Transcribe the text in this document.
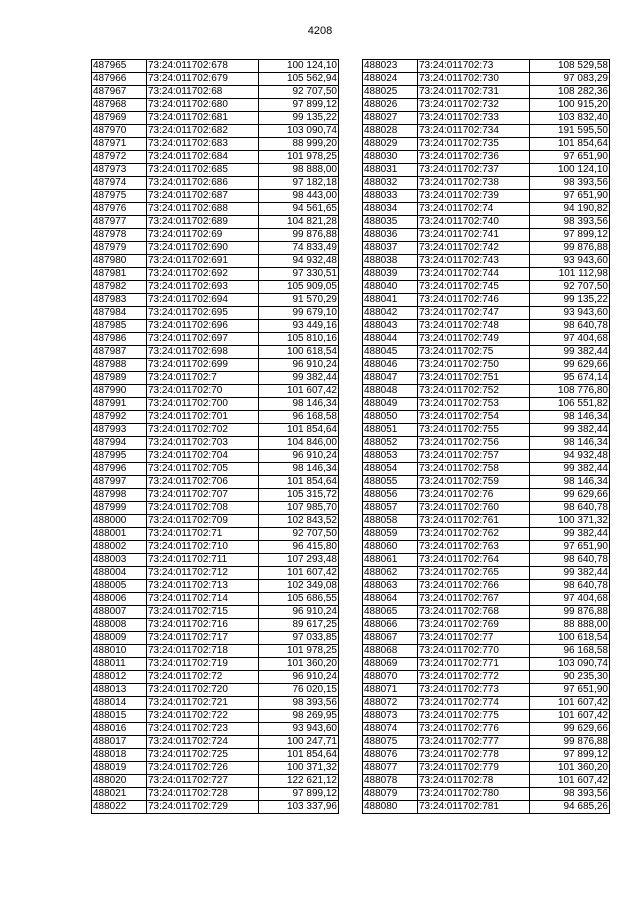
4208
487965	73:24:011702:678	100 124,10
487966	73:24:011702:679	105 562,94
487967	73:24:011702:68	92 707,50
487968	73:24:011702:680	97 899,12
487969	73:24:011702:681	99 135,22
487970	73:24:011702:682	103 090,74
487971	73:24:011702:683	88 999,20
487972	73:24:011702:684	101 978,25
487973	73:24:011702:685	98 888,00
487974	73:24:011702:686	97 182,18
487975	73:24:011702:687	98 443,00
487976	73:24:011702:688	94 561,65
487977	73:24:011702:689	104 821,28
487978	73:24:011702:69	99 876,88
487979	73:24:011702:690	74 833,49
487980	73:24:011702:691	94 932,48
487981	73:24:011702:692	97 330,51
487982	73:24:011702:693	105 909,05
487983	73:24:011702:694	91 570,29
487984	73:24:011702:695	99 679,10
487985	73:24:011702:696	93 449,16
487986	73:24:011702:697	105 810,16
487987	73:24:011702:698	100 618,54
487988	73:24:011702:699	96 910,24
487989	73:24:011702:7	99 382,44
487990	73:24:011702:70	101 607,42
487991	73:24:011702:700	98 146,34
487992	73:24:011702:701	96 168,58
487993	73:24:011702:702	101 854,64
487994	73:24:011702:703	104 846,00
487995	73:24:011702:704	96 910,24
487996	73:24:011702:705	98 146,34
487997	73:24:011702:706	101 854,64
487998	73:24:011702:707	105 315,72
487999	73:24:011702:708	107 985,70
488000	73:24:011702:709	102 843,52
488001	73:24:011702:71	92 707,50
488002	73:24:011702:710	96 415,80
488003	73:24:011702:711	107 293,48
488004	73:24:011702:712	101 607,42
488005	73:24:011702:713	102 349,08
488006	73:24:011702:714	105 686,55
488007	73:24:011702:715	96 910,24
488008	73:24:011702:716	89 617,25
488009	73:24:011702:717	97 033,85
488010	73:24:011702:718	101 978,25
488011	73:24:011702:719	101 360,20
488012	73:24:011702:72	96 910,24
488013	73:24:011702:720	76 020,15
488014	73:24:011702:721	98 393,56
488015	73:24:011702:722	98 269,95
488016	73:24:011702:723	93 943,60
488017	73:24:011702:724	100 247,71
488018	73:24:011702:725	101 854,64
488019	73:24:011702:726	100 371,32
488020	73:24:011702:727	122 621,12
488021	73:24:011702:728	97 899,12
488022	73:24:011702:729	103 337,96
488023	73:24:011702:73	108 529,58
488024	73:24:011702:730	97 083,29
488025	73:24:011702:731	108 282,36
488026	73:24:011702:732	100 915,20
488027	73:24:011702:733	103 832,40
488028	73:24:011702:734	191 595,50
488029	73:24:011702:735	101 854,64
488030	73:24:011702:736	97 651,90
488031	73:24:011702:737	100 124,10
488032	73:24:011702:738	98 393,56
488033	73:24:011702:739	97 651,90
488034	73:24:011702:74	94 190,82
488035	73:24:011702:740	98 393,56
488036	73:24:011702:741	97 899,12
488037	73:24:011702:742	99 876,88
488038	73:24:011702:743	93 943,60
488039	73:24:011702:744	101 112,98
488040	73:24:011702:745	92 707,50
488041	73:24:011702:746	99 135,22
488042	73:24:011702:747	93 943,60
488043	73:24:011702:748	98 640,78
488044	73:24:011702:749	97 404,68
488045	73:24:011702:75	99 382,44
488046	73:24:011702:750	99 629,66
488047	73:24:011702:751	95 674,14
488048	73:24:011702:752	108 776,80
488049	73:24:011702:753	106 551,82
488050	73:24:011702:754	98 146,34
488051	73:24:011702:755	99 382,44
488052	73:24:011702:756	98 146,34
488053	73:24:011702:757	94 932,48
488054	73:24:011702:758	99 382,44
488055	73:24:011702:759	98 146,34
488056	73:24:011702:76	99 629,66
488057	73:24:011702:760	98 640,78
488058	73:24:011702:761	100 371,32
488059	73:24:011702:762	99 382,44
488060	73:24:011702:763	97 651,90
488061	73:24:011702:764	98 640,78
488062	73:24:011702:765	99 382,44
488063	73:24:011702:766	98 640,78
488064	73:24:011702:767	97 404,68
488065	73:24:011702:768	99 876,88
488066	73:24:011702:769	88 888,00
488067	73:24:011702:77	100 618,54
488068	73:24:011702:770	96 168,58
488069	73:24:011702:771	103 090,74
488070	73:24:011702:772	90 235,30
488071	73:24:011702:773	97 651,90
488072	73:24:011702:774	101 607,42
488073	73:24:011702:775	101 607,42
488074	73:24:011702:776	99 629,66
488075	73:24:011702:777	99 876,88
488076	73:24:011702:778	97 899,12
488077	73:24:011702:779	101 360,20
488078	73:24:011702:78	101 607,42
488079	73:24:011702:780	98 393,56
488080	73:24:011702:781	94 685,26
